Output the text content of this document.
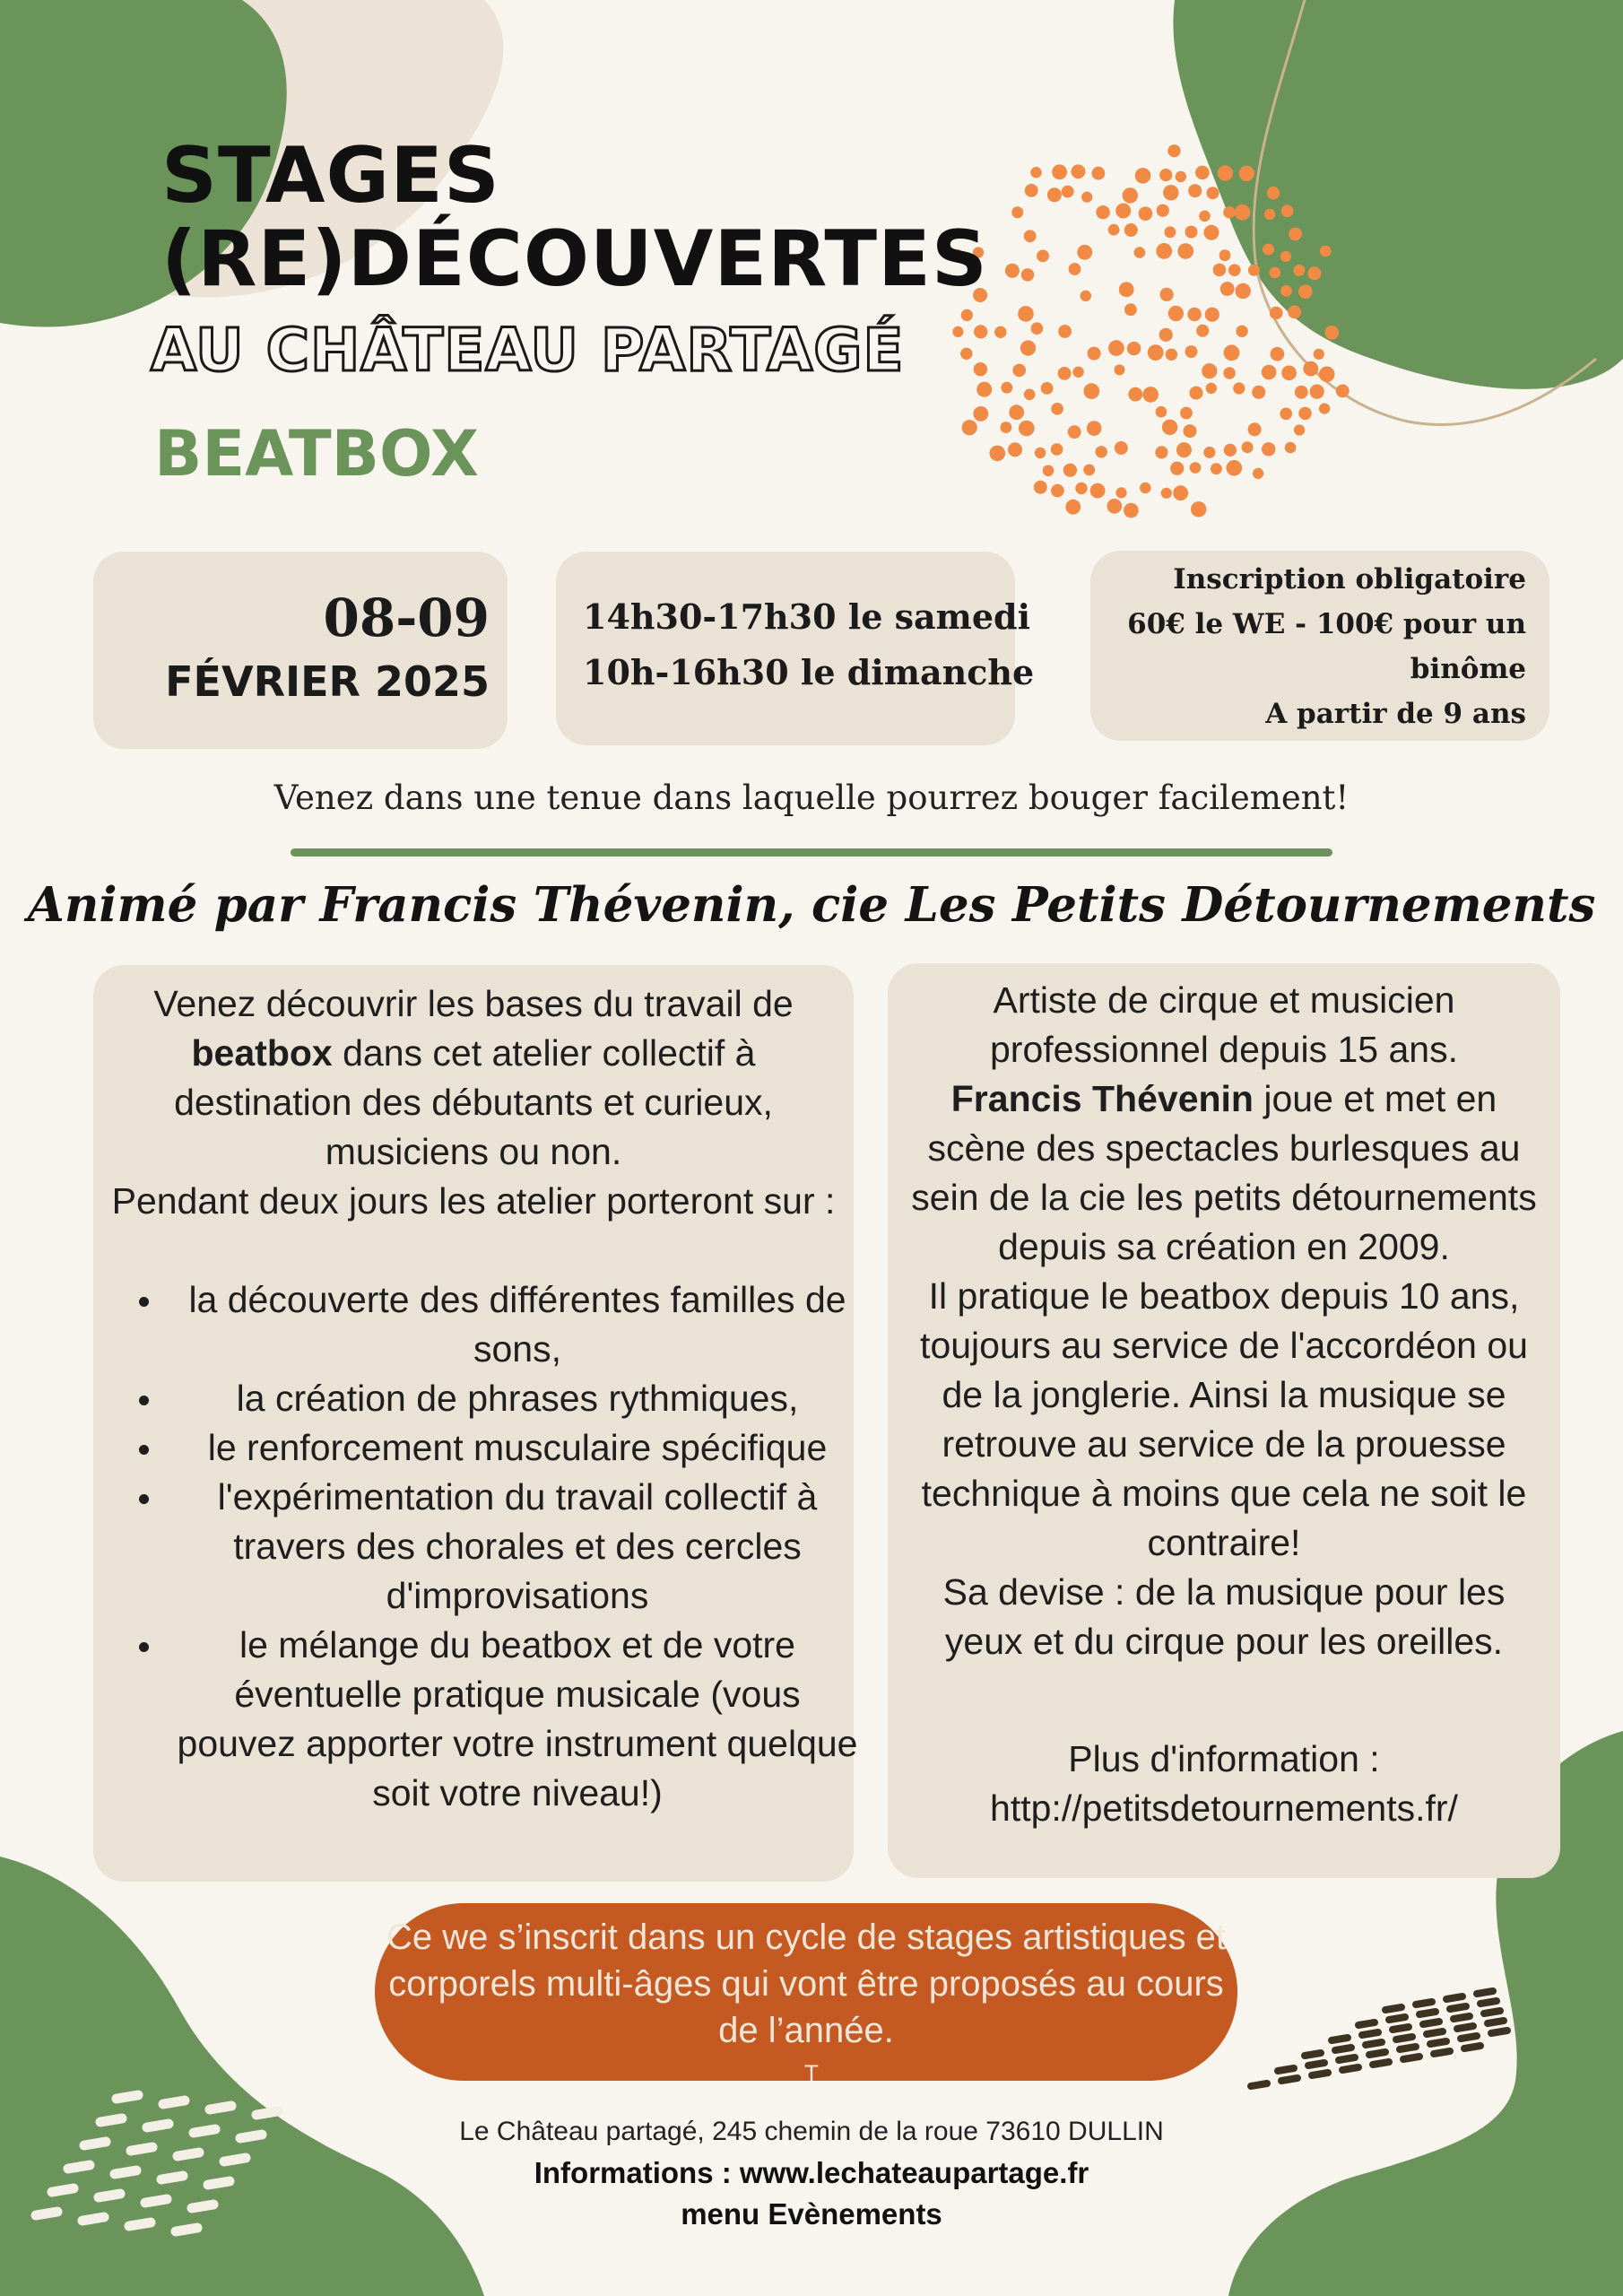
STAGES
(RE)DÉCOUVERTES
AU CHÂTEAU PARTAGÉ
BEATBOX
08-09
FÉVRIER 2025
14h30-17h30 le samedi
10h-16h30 le dimanche
Inscription obligatoire
60€ le WE - 100€ pour un
binôme
A partir de 9 ans
Venez dans une tenue dans laquelle pourrez bouger facilement!
Animé par Francis Thévenin, cie Les Petits Détournements
Venez découvrir les bases du travail de beatbox dans cet atelier collectif à destination des débutants et curieux, musiciens ou non.
Pendant deux jours les atelier porteront sur :
• la découverte des différentes familles de sons,
• la création de phrases rythmiques,
• le renforcement musculaire spécifique
• l'expérimentation du travail collectif à travers des chorales et des cercles d'improvisations
• le mélange du beatbox et de votre éventuelle pratique musicale (vous pouvez apporter votre instrument quelque soit votre niveau!)
Artiste de cirque et musicien professionnel depuis 15 ans.
Francis Thévenin joue et met en scène des spectacles burlesques au sein de la cie les petits détournements depuis sa création en 2009.
Il pratique le beatbox depuis 10 ans, toujours au service de l'accordéon ou de la jonglerie. Ainsi la musique se retrouve au service de la prouesse technique à moins que cela ne soit le contraire!
Sa devise : de la musique pour les yeux et du cirque pour les oreilles.
Plus d'information :
http://petitsdetournements.fr/
Ce we s’inscrit dans un cycle de stages artistiques et corporels multi-âges qui vont être proposés au cours de l’année.
T
Le Château partagé, 245 chemin de la roue 73610 DULLIN
Informations : www.lechateaupartage.fr
menu Evènements
